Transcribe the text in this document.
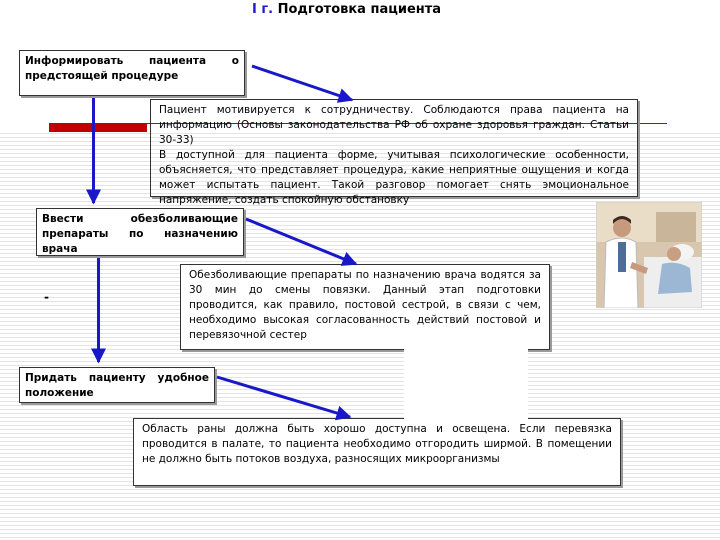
I г. Подготовка пациента
Информировать пациента о предстоящей процедуре
Ввести обезболивающие препараты по назначению врача
Придать пациенту удобное положение

Пациент мотивируется к сотрудничеству. Соблюдаются права пациента на информацию (Основы законодательства РФ об охране здоровья граждан. Статьи 30-33)

В доступной для пациента форме, учитывая психологические особенности, объясняется, что представляет процедура, какие неприятные ощущения и когда может испытать пациент. Такой разговор помогает снять эмоциональное напряжение, создать спокойную обстановку

Обезболивающие препараты по назначению врача водятся за 30 мин до смены повязки. Данный этап подготовки проводится, как правило, постовой сестрой, в связи с чем, необходимо высокая согласованность действий постовой и перевязочной сестер

Область раны должна быть хорошо доступна и освещена. Если перевязка проводится в палате, то пациента необходимо отгородить ширмой. В помещении не должно быть потоков воздуха, разносящих микроорганизмы

-
